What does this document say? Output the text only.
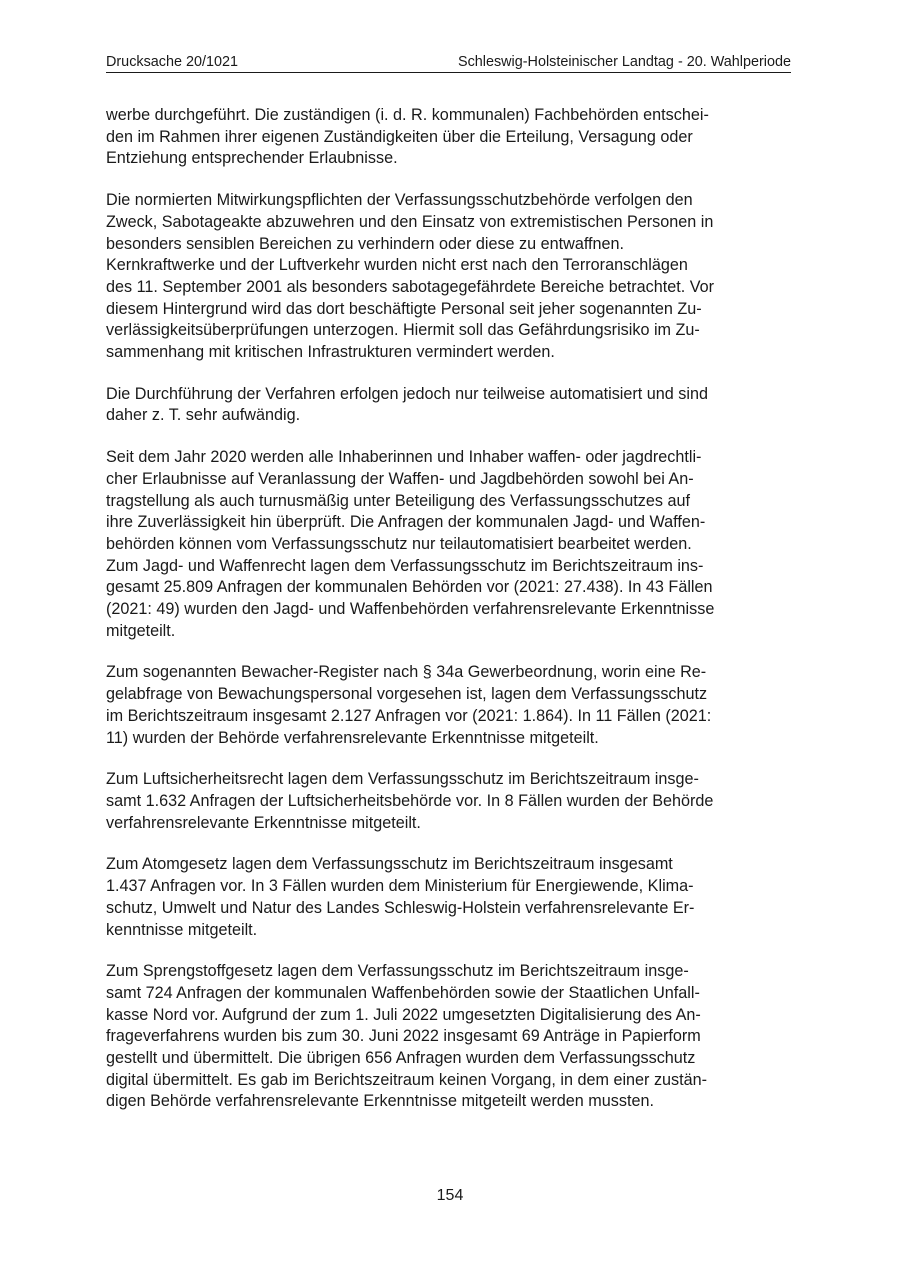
Drucksache 20/1021	Schleswig-Holsteinischer Landtag - 20. Wahlperiode

werbe durchgeführt. Die zuständigen (i. d. R. kommunalen) Fachbehörden entschei-
den im Rahmen ihrer eigenen Zuständigkeiten über die Erteilung, Versagung oder
Entziehung entsprechender Erlaubnisse.

Die normierten Mitwirkungspflichten der Verfassungsschutzbehörde verfolgen den
Zweck, Sabotageakte abzuwehren und den Einsatz von extremistischen Personen in
besonders sensiblen Bereichen zu verhindern oder diese zu entwaffnen.
Kernkraftwerke und der Luftverkehr wurden nicht erst nach den Terroranschlägen
des 11. September 2001 als besonders sabotagegefährdete Bereiche betrachtet. Vor
diesem Hintergrund wird das dort beschäftigte Personal seit jeher sogenannten Zu-
verlässigkeitsüberprüfungen unterzogen. Hiermit soll das Gefährdungsrisiko im Zu-
sammenhang mit kritischen Infrastrukturen vermindert werden.

Die Durchführung der Verfahren erfolgen jedoch nur teilweise automatisiert und sind
daher z. T. sehr aufwändig.

Seit dem Jahr 2020 werden alle Inhaberinnen und Inhaber waffen- oder jagdrechtli-
cher Erlaubnisse auf Veranlassung der Waffen- und Jagdbehörden sowohl bei An-
tragstellung als auch turnusmäßig unter Beteiligung des Verfassungsschutzes auf
ihre Zuverlässigkeit hin überprüft. Die Anfragen der kommunalen Jagd- und Waffen-
behörden können vom Verfassungsschutz nur teilautomatisiert bearbeitet werden.
Zum Jagd- und Waffenrecht lagen dem Verfassungsschutz im Berichtszeitraum ins-
gesamt 25.809 Anfragen der kommunalen Behörden vor (2021: 27.438). In 43 Fällen
(2021: 49) wurden den Jagd- und Waffenbehörden verfahrensrelevante Erkenntnisse
mitgeteilt.

Zum sogenannten Bewacher-Register nach § 34a Gewerbeordnung, worin eine Re-
gelabfrage von Bewachungspersonal vorgesehen ist, lagen dem Verfassungsschutz
im Berichtszeitraum insgesamt 2.127 Anfragen vor (2021: 1.864). In 11 Fällen (2021:
11) wurden der Behörde verfahrensrelevante Erkenntnisse mitgeteilt.

Zum Luftsicherheitsrecht lagen dem Verfassungsschutz im Berichtszeitraum insge-
samt 1.632 Anfragen der Luftsicherheitsbehörde vor. In 8 Fällen wurden der Behörde
verfahrensrelevante Erkenntnisse mitgeteilt.

Zum Atomgesetz lagen dem Verfassungsschutz im Berichtszeitraum insgesamt
1.437 Anfragen vor. In 3 Fällen wurden dem Ministerium für Energiewende, Klima-
schutz, Umwelt und Natur des Landes Schleswig-Holstein verfahrensrelevante Er-
kenntnisse mitgeteilt.

Zum Sprengstoffgesetz lagen dem Verfassungsschutz im Berichtszeitraum insge-
samt 724 Anfragen der kommunalen Waffenbehörden sowie der Staatlichen Unfall-
kasse Nord vor. Aufgrund der zum 1. Juli 2022 umgesetzten Digitalisierung des An-
frageverfahrens wurden bis zum 30. Juni 2022 insgesamt 69 Anträge in Papierform
gestellt und übermittelt. Die übrigen 656 Anfragen wurden dem Verfassungsschutz
digital übermittelt. Es gab im Berichtszeitraum keinen Vorgang, in dem einer zustän-
digen Behörde verfahrensrelevante Erkenntnisse mitgeteilt werden mussten.

154
